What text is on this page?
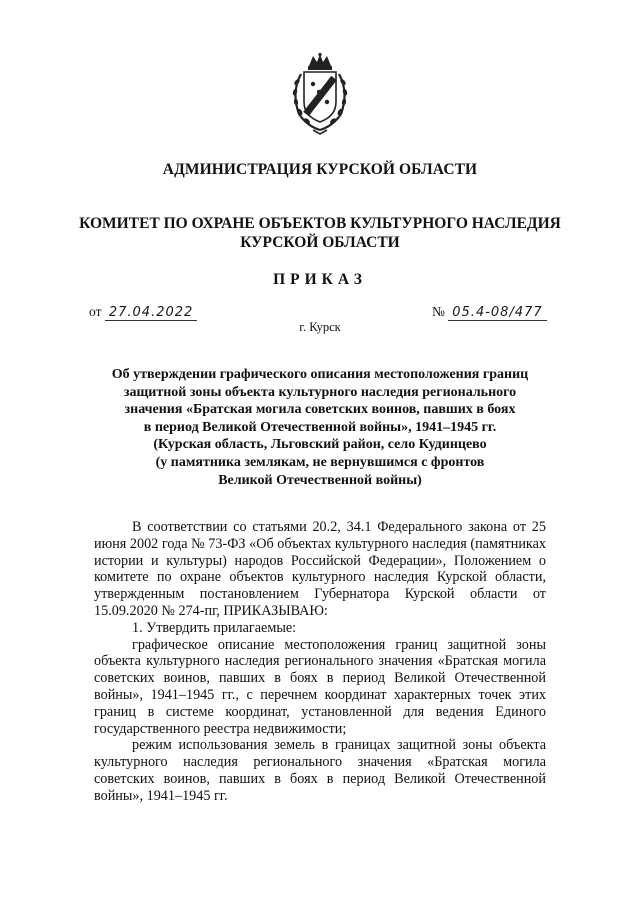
АДМИНИСТРАЦИЯ КУРСКОЙ ОБЛАСТИ
КОМИТЕТ ПО ОХРАНЕ ОБЪЕКТОВ КУЛЬТУРНОГО НАСЛЕДИЯ
КУРСКОЙ ОБЛАСТИ
ПРИКАЗ
от 27.04.2022	№ 05.4-08/477
г. Курск
Об утверждении графического описания местоположения границ
защитной зоны объекта культурного наследия регионального
значения «Братская могила советских воинов, павших в боях
в период Великой Отечественной войны», 1941–1945 гг.
(Курская область, Льговский район, село Кудинцево
(у памятника землякам, не вернувшимся с фронтов
Великой Отечественной войны)

В соответствии со статьями 20.2, 34.1 Федерального закона от 25 июня 2002 года № 73-ФЗ «Об объектах культурного наследия (памятниках истории и культуры) народов Российской Федерации», Положением о комитете по охране объектов культурного наследия Курской области, утвержденным постановлением Губернатора Курской области от 15.09.2020 № 274-пг, ПРИКАЗЫВАЮ:

1. Утвердить прилагаемые:

графическое описание местоположения границ защитной зоны объекта культурного наследия регионального значения «Братская могила советских воинов, павших в боях в период Великой Отечественной войны», 1941–1945 гг., с перечнем координат характерных точек этих границ в системе координат, установленной для ведения Единого государственного реестра недвижимости;

режим использования земель в границах защитной зоны объекта культурного наследия регионального значения «Братская могила советских воинов, павших в боях в период Великой Отечественной войны», 1941–1945 гг.
